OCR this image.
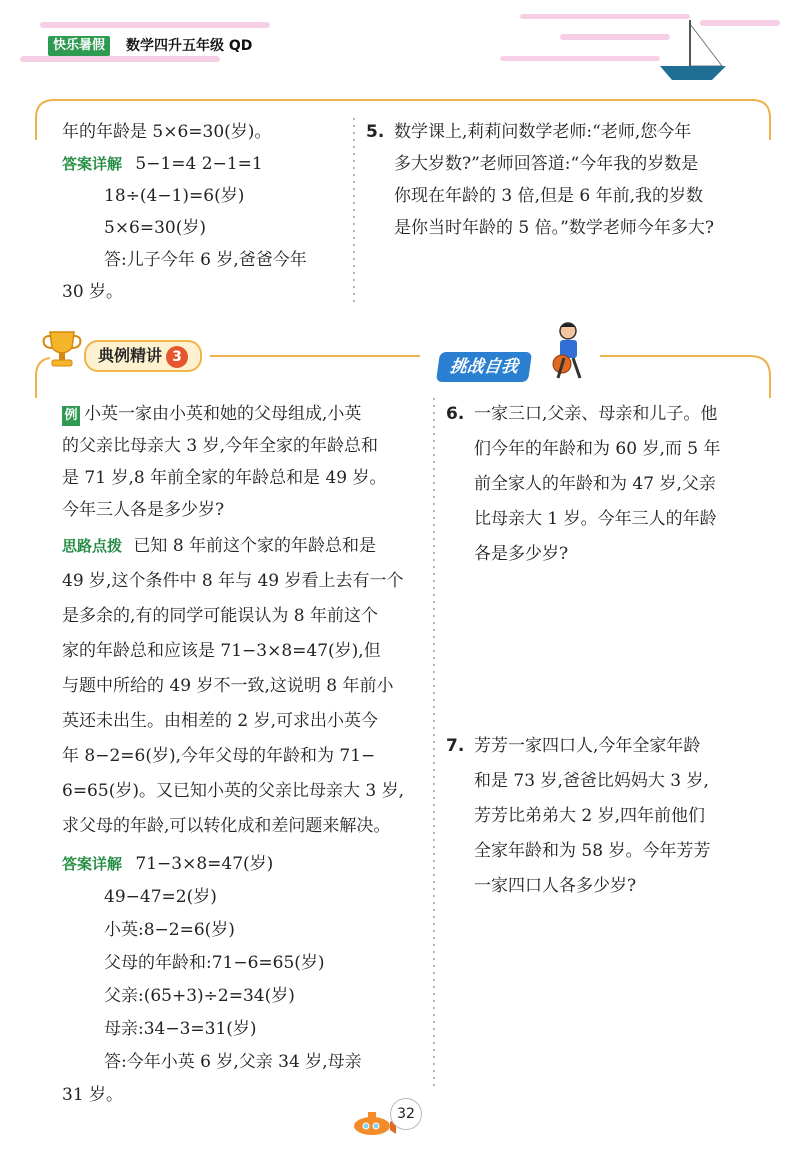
快乐暑假	数学四升五年级 QD
年的年龄是 5×6=30(岁)。
答案详解 5−1=4 2−1=1
18÷(4−1)=6(岁)
5×6=30(岁)
答:儿子今年 6 岁,爸爸今年
30 岁。
5. 数学课上,莉莉问数学老师:“老师,您今年
多大岁数?”老师回答道:“今年我的岁数是
你现在年龄的 3 倍,但是 6 年前,我的岁数
是你当时年龄的 5 倍。”数学老师今年多大?
典例精讲 3	挑战自我
例 小英一家由小英和她的父母组成,小英
的父亲比母亲大 3 岁,今年全家的年龄总和
是 71 岁,8 年前全家的年龄总和是 49 岁。
今年三人各是多少岁?
思路点拨 已知 8 年前这个家的年龄总和是
49 岁,这个条件中 8 年与 49 岁看上去有一个
是多余的,有的同学可能误认为 8 年前这个
家的年龄总和应该是 71−3×8=47(岁),但
与题中所给的 49 岁不一致,这说明 8 年前小
英还未出生。由相差的 2 岁,可求出小英今
年 8−2=6(岁),今年父母的年龄和为 71−
6=65(岁)。又已知小英的父亲比母亲大 3 岁,
求父母的年龄,可以转化成和差问题来解决。
答案详解 71−3×8=47(岁)
49−47=2(岁)
小英:8−2=6(岁)
父母的年龄和:71−6=65(岁)
父亲:(65+3)÷2=34(岁)
母亲:34−3=31(岁)
答:今年小英 6 岁,父亲 34 岁,母亲
31 岁。
6. 一家三口,父亲、母亲和儿子。他
们今年的年龄和为 60 岁,而 5 年
前全家人的年龄和为 47 岁,父亲
比母亲大 1 岁。今年三人的年龄
各是多少岁?
7. 芳芳一家四口人,今年全家年龄
和是 73 岁,爸爸比妈妈大 3 岁,
芳芳比弟弟大 2 岁,四年前他们
全家年龄和为 58 岁。今年芳芳
一家四口人各多少岁?
32
